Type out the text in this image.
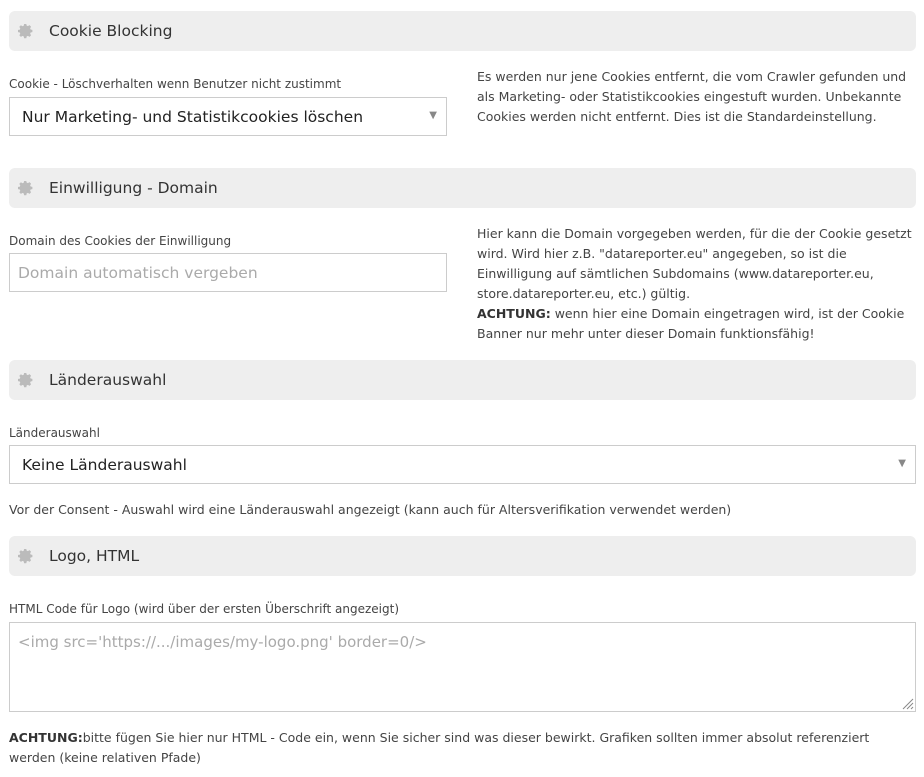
Cookie Blocking
Cookie - Löschverhalten wenn Benutzer nicht zustimmt
Nur Marketing- und Statistikcookies löschen	▼
Es werden nur jene Cookies entfernt, die vom Crawler gefunden und als Marketing- oder Statistikcookies eingestuft wurden. Unbekannte Cookies werden nicht entfernt. Dies ist die Standardeinstellung.
Einwilligung - Domain
Domain des Cookies der Einwilligung
Domain automatisch vergeben
Hier kann die Domain vorgegeben werden, für die der Cookie gesetzt wird. Wird hier z.B. "datareporter.eu" angegeben, so ist die Einwilligung auf sämtlichen Subdomains (www.datareporter.eu, store.datareporter.eu, etc.) gültig.
ACHTUNG: wenn hier eine Domain eingetragen wird, ist der Cookie Banner nur mehr unter dieser Domain funktionsfähig!
Länderauswahl
Länderauswahl
Keine Länderauswahl	▼
Vor der Consent - Auswahl wird eine Länderauswahl angezeigt (kann auch für Altersverifikation verwendet werden)
Logo, HTML
HTML Code für Logo (wird über der ersten Überschrift angezeigt)
<img src='https://.../images/my-logo.png' border=0/>
ACHTUNG:bitte fügen Sie hier nur HTML - Code ein, wenn Sie sicher sind was dieser bewirkt. Grafiken sollten immer absolut referenziert werden (keine relativen Pfade)
